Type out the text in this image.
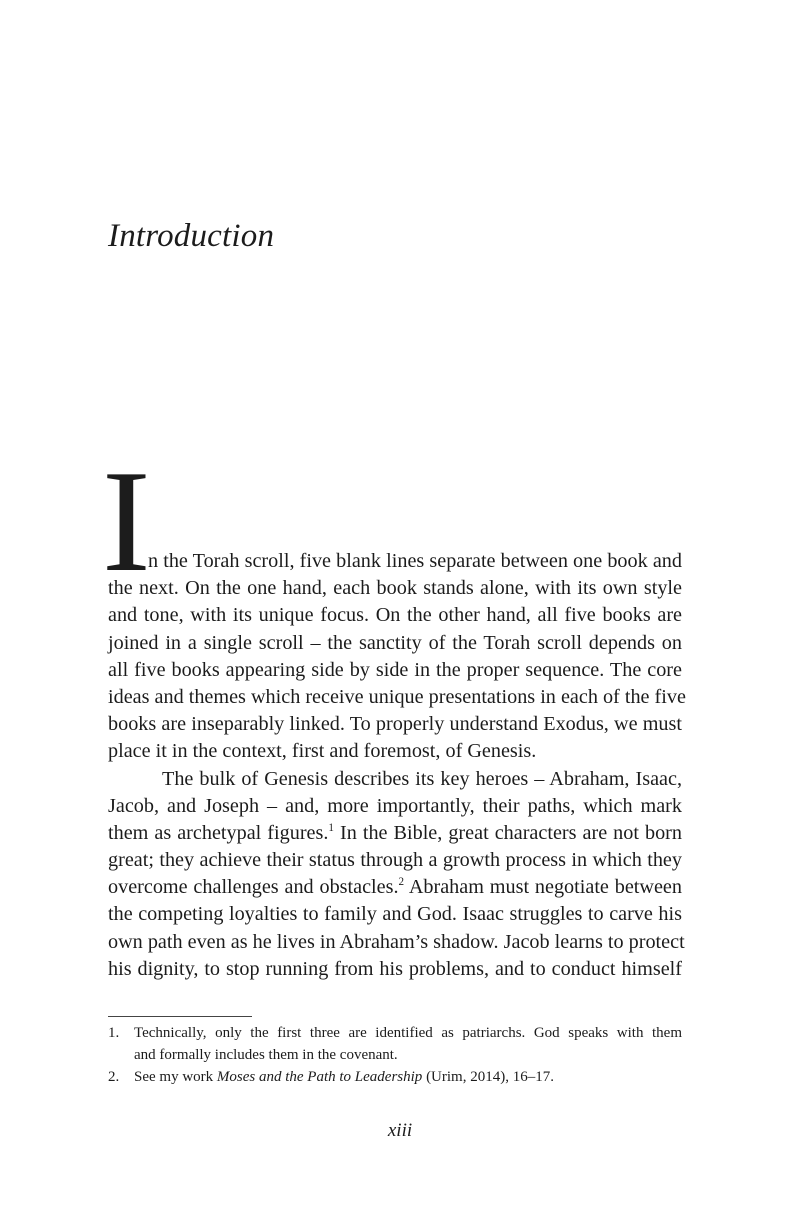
Introduction
I
n the Torah scroll, five blank lines separate between one book and
the next. On the one hand, each book stands alone, with its own style
and tone, with its unique focus. On the other hand, all five books are
joined in a single scroll – the sanctity of the Torah scroll depends on
all five books appearing side by side in the proper sequence. The core
ideas and themes which receive unique presentations in each of the five
books are inseparably linked. To properly understand Exodus, we must
place it in the context, first and foremost, of Genesis.
The bulk of Genesis describes its key heroes – Abraham, Isaac,
Jacob, and Joseph – and, more importantly, their paths, which mark
them as archetypal figures.$^1$ In the Bible, great characters are not born
great; they achieve their status through a growth process in which they
overcome challenges and obstacles.$^2$ Abraham must negotiate between
the competing loyalties to family and God. Isaac struggles to carve his
own path even as he lives in Abraham’s shadow. Jacob learns to protect
his dignity, to stop running from his problems, and to conduct himself
1. Technically, only the first three are identified as patriarchs. God speaks with them
and formally includes them in the covenant.
2. See my work Moses and the Path to Leadership (Urim, 2014), 16–17.
xiii
